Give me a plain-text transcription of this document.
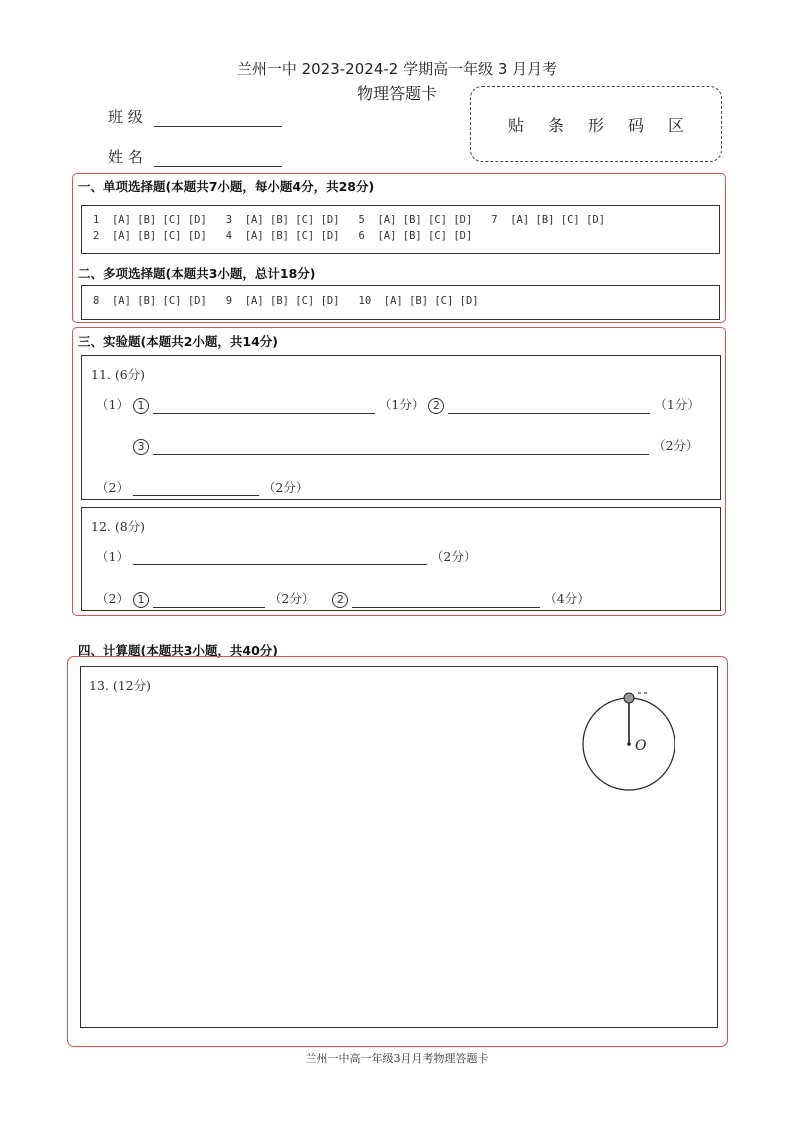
兰州一中 2023-2024-2 学期高一年级 3 月月考
物理答题卡
班 级
姓 名
贴条形码区
一、单项选择题(本题共7小题，每小题4分，共28分)
1  [A] [B] [C] [D]   3  [A] [B] [C] [D]   5  [A] [B] [C] [D]   7  [A] [B] [C] [D]
2  [A] [B] [C] [D]   4  [A] [B] [C] [D]   6  [A] [B] [C] [D]
二、多项选择题(本题共3小题，总计18分)
8  [A] [B] [C] [D]   9  [A] [B] [C] [D]   10  [A] [B] [C] [D]
三、实验题(本题共2小题，共14分)
11. (6分)
（1） 1	（1分） 2	（1分）
3	（2分）
（2）	（2分）
12. (8分)
（1）	（2分）
（2） 1	（2分） 2	（4分）
四、计算题(本题共3小题，共40分)
13. (12分)
O
兰州一中高一年级3月月考物理答题卡
